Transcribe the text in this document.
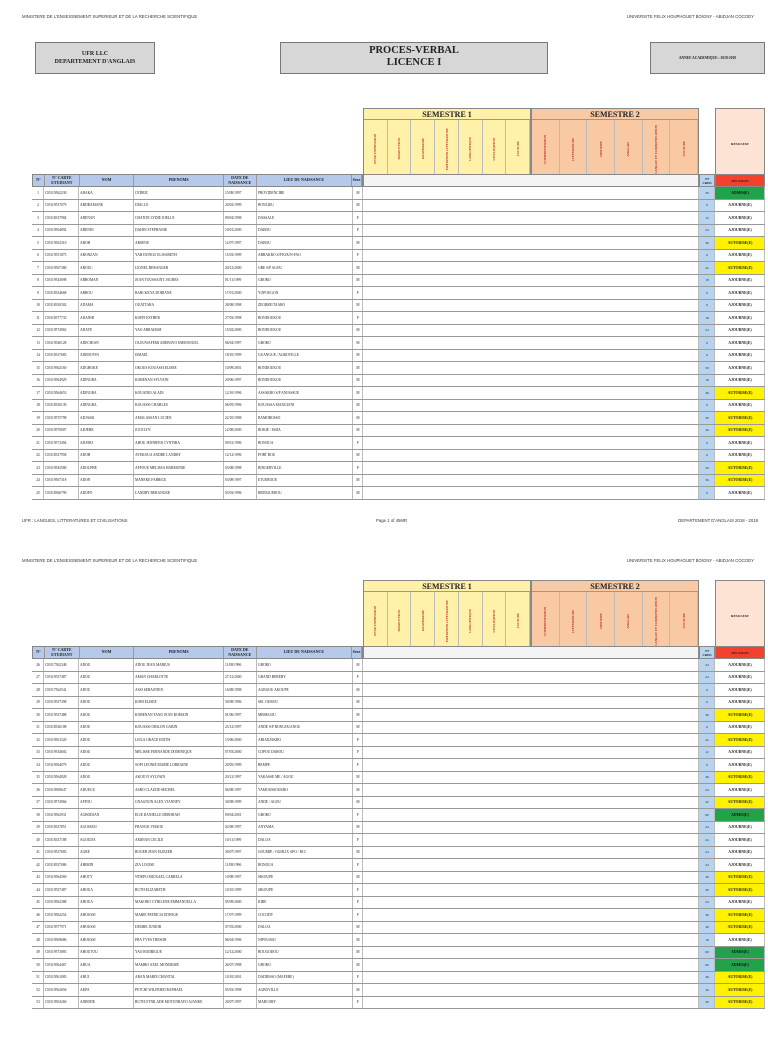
MINISTERE DE L'ENSEIGNEMENT SUPERIEUR ET DE LA RECHERCHE SCIENTIFIQUE	UNIVERSITE FELIX HOUPHOUET BOIGNY - ABIDJAN COCODY
UFR LLC
DEPARTEMENT D'ANGLAIS
PROCES-VERBAL
LICENCE I	ANNEE ACADEMIQUE : 2018-2019
SEMESTRE 1
UPNR EXPRESSION	TRADUCTION	GRAMMAIRE	INITIATION LITTERATURE	LINGUISTIQUE	CIVILISATION	CULTURE
SEMESTRE 2
COMPREHENSION	LITTERATURE	HISTOIRE	ANGLAIS	LANGUE ET COMMUNICATION	CULTURE	RESULTAT
N°	N° CARTE ETUDIANT	NOM	PRENOMS	DATE DE NAISSANCE	LIEU DE NAISSANCE	Sexe	TT CRED	DECISION
1	CI0119562230	ABAKA	CEDRIC	15/08/1997	PROVIDENCIRE	M	30	ADMIS(E)
2	CI0119537079	ABDRAMANE	DIALLO	20/02/1999	BONLIEU	M	0	AJOURNE(E)
3	CI0118337984	ABENAN	CHANTE LYDIE JOELLE	09/04/1998	DASSALE	F	12	AJOURNE(E)
4	CI0119564892	ABENIN	DAHIN STEPHANIE	10/01/2000	DABOU	F	24	AJOURNE(E)
5	CI0119562310	ABOH	ARSENE	12/07/1997	DABOU	M	36	AUTORISE(E)
6	CI0119551875	ABONZAN	YAH DONGO ELISABETH	15/03/1999	ABRAKRO S/P KOUN-FAO	F	0	AJOURNE(E)
7	CI0119567380	ABOUC	LIONEL BERANGER	20/12/2000	GBE S/P AGOU	M	42	AUTORISE(E)
8	CI0119543698	ABROMAN	JEAN TOUSSAINT JAURES	01/11/1999	GBORO	M	18	AJOURNE(E)
9	CI0118334668	ABROU	BARCKKYA DORIANE	17/01/2000	YOPOUGON	F	0	AJOURNE(E)
10	CI0118330302	ADAMA	OUATTARA	28/08/1998	ZEGBRE/TAABO	M	6	AJOURNE(E)
11	CI0118377733	ADANHI	KOFFI ESTHER	27/03/1998	BONDOUKOU	F	18	AJOURNE(E)
12	CI0119574963	ADAYE	YAO ABRAHAM	15/02/2000	BONDOUKOU	M	24	AJOURNE(E)
13	CI0119540128	ADECHIAN	OLOUWAFEMI ADEBAYO EMMANUEL	06/04/1997	GBORO	M	0	AJOURNE(E)
14	CI0118337683	ADEDOVIN	ISMAEL	18/10/1999	GUANGUE / AGBOVILLE	M	6	AJOURNE(E)
15	CI0119562160	ADGHOKE	OKOUS KOUASSI ELISEE	10/09/2001	BONDOUKOU	M	30	AJOURNE(E)
16	CI0119564929	ADINGRA	KOBENAN SYLVAIN	20/06/1997	BONDOUKOU	M	18	AJOURNE(E)
17	CI0119564653	ADINGRA	KOUADIO ALAIN	12/10/1996	ASSAKRO S/P ANIASSUE	M	36	AUTORISE(E)
18	CI0118330139	ADINGRA	KOUASSI CHARLES	06/05/1996	KOUASSA MANGUINI	M	0	AJOURNE(E)
19	CI0119575798	ADJASSI	AMALASSAN LUCIEN	22/10/1998	BAMOROSSO	M	36	AUTORISE(E)
20	CI0119570007	ADJEHE	JOCELYN	12/08/2000	BOKIE / ISSIA	M	36	AUTORISE(E)
21	CI0119573494	ADJOBI	AHOU JENNIFER CYNTHIA	09/01/1996	BONOUA	F	0	AJOURNE(E)
22	CI0118337958	ADOH	AYEKOUA ANDRE LANDRY	12/12/1996	PORT BOU	M	0	AJOURNE(E)
23	CI0119543580	ADOLPHE	AFFOUE MELISSA HARMONIE	03/08/1998	BINGERVILLE	F	30	AUTORISE(E)
24	CI0119567318	ADON	MANEKE FABRICE	03/08/1997	ETUEBOUE	M	36	AUTORISE(E)
25	CI0118366790	ADOPO	LANDRY BERANGER	03/03/1996	BRINGUEROU	M	0	AJOURNE(E)
UFR : LANGUES, LITTERATURES ET CIVILISATIONS	Page 1 of 45MR	DEPARTEMENT D'ANGLAIS 2018 - 2019
MINISTERE DE L'ENSEIGNEMENT SUPERIEUR ET DE LA RECHERCHE SCIENTIFIQUE	UNIVERSITE FELIX HOUPHOUET BOIGNY - ABIDJAN COCODY
SEMESTRE 1
UPNR EXPRESSION	TRADUCTION	GRAMMAIRE	INITIATION LITTERATURE	LINGUISTIQUE	CIVILISATION	CULTURE
SEMESTRE 2
COMPREHENSION	LITTERATURE	HISTOIRE	ANGLAIS	LANGUE ET COMMUNICATION	CULTURE	RESULTAT
N°	N° CARTE ETUDIANT	NOM	PRENOMS	DATE DE NAISSANCE	LIEU DE NAISSANCE	Sexe	TT CRED	DECISION
26	CI0117562348	ADOU	ADOU JEAN MARIUS	11/08/1996	GBORO	M	24	AJOURNE(E)
27	CI0119537487	ADOU	AMAN CHARLOTTE	27/12/2000	GRAND BEREBY	F	24	AJOURNE(E)
28	CI0117562541	ADOU	ASSI SEBASTIEN	16/08/1998	AGBAOU AKOUPE	M	6	AJOURNE(E)
29	CI0119537398	ADOU	KOBI ELISEE	30/08/1996	SEL OUROU	M	0	AJOURNE(E)
30	CI0119537488	ADOU	KOBENAN TANO JEAN ROMAIN	01/06/1997	MEBEGOU	M	36	AUTORISE(E)
31	CI0118336108	ADOU	KOUASSI OBILON GABIN	25/12/1997	ANDE S/P BONGOUANOU	M	0	AJOURNE(E)
32	CI0119561320	ADOU	LEILA GRACE EDITH	13/06/2000	ABIADJAKRO	F	42	AUTORISE(E)
33	CI0119534602	ADOU	MELISSE FERNANDE DOMINIQUE	07/03/2000	COPOU DAROU	F	12	AJOURNE(E)
34	CI0119564079	ADOU	SOPI LEONIE MARIE LORRAINE	20/05/1999	BEMPE	F	0	AJOURNE(E)
35	CI0119564928	ADOU	AKOUVI SYLVAIN	20/12/1997	YAKASSE ME / AGOU	M	36	AUTORISE(E)
36	CI0119569647	ADUEGU	ASRO CLAUDE-MICHEL	06/08/1997	YAMOUSSOUKRO	M	24	AJOURNE(E)
37	CI0119574966	AFFOU	GNAGNON ALEX VIANNEY	30/08/1999	ANDE / AGOU	M	42	AUTORISE(E)
38	CI0119562931	AGBODJAN	ELIE DANIELLE DEBORAH	09/04/2001	GBORO	F	60	ADMIS(E)
39	CI0118337851	AGOSSOU	FRANCK VISSOU	02/08/1997	ANYAMA	M	24	AJOURNE(E)
40	CI0118337188	AGOUDA	AMINAN CECILE	10/11/1999	DALOA	F	24	AJOURNE(E)
41	CI0119537683	AGRE	ROGER JEAN ELIEZER	30/07/1997	GOUMIE / OGHLIX APO / RCI	M	24	AJOURNE(E)
42	CI0118337086	AHIMIN	ZIA LOUISE	11/08/1996	BONOUA	F	24	AJOURNE(E)
43	CI0119564569	AHOTY	N'DEPO MICKAEL CARRELA	10/08/1997	SIKOUPE	M	36	AUTORISE(E)
44	CI0119537487	AHOUA	RUTH ELIZABETH	10/10/1999	SIKOUPE	F	36	AUTORISE(E)
45	CI0119562388	AHOUA	MAKORO CYRILENE EMMANUELLA	05/09/2000	KIBE	F	24	AJOURNE(E)
46	CI0119562254	AHOUSSI	MARIE PATRICIA EDWIGE	17/07/1999	COCODY	F	36	AUTORISE(E)
47	CI0119577971	AHOUSSI	DESIRE JUNIOR	07/03/2000	DALOA	M	36	AUTORISE(E)
48	CI0119569686	AHOUSSI	PRA YVES TRESOR	06/04/1996	NIPOUSSO	M	18	AJOURNE(E)
49	CI0119573083	AHOUTOU	YAO RODRIGUE	12/12/2000	BOUGODOU	M	60	ADMIS(E)
50	CI0119564467	AHUA	MAMBO AXEL MONDESIR	26/07/1998	GBORO	M	60	ADMIS(E)
51	CI0119561083	AHUI	ABAN MARIE CHANTAL	10/10/2001	DADIESSO (MAFERE)	F	36	AUTORISE(E)
52	CI0119562656	AKPA	PETCHI WILFRIED RAPHAEL	05/03/1998	AGBOVILLE	M	36	AUTORISE(E)
53	CI0119563260	AJIBODE	RUTH OTNILADE MOTUNRAYO AJANKE	20/07/1997	MARCORY	F	36	AUTORISE(E)
